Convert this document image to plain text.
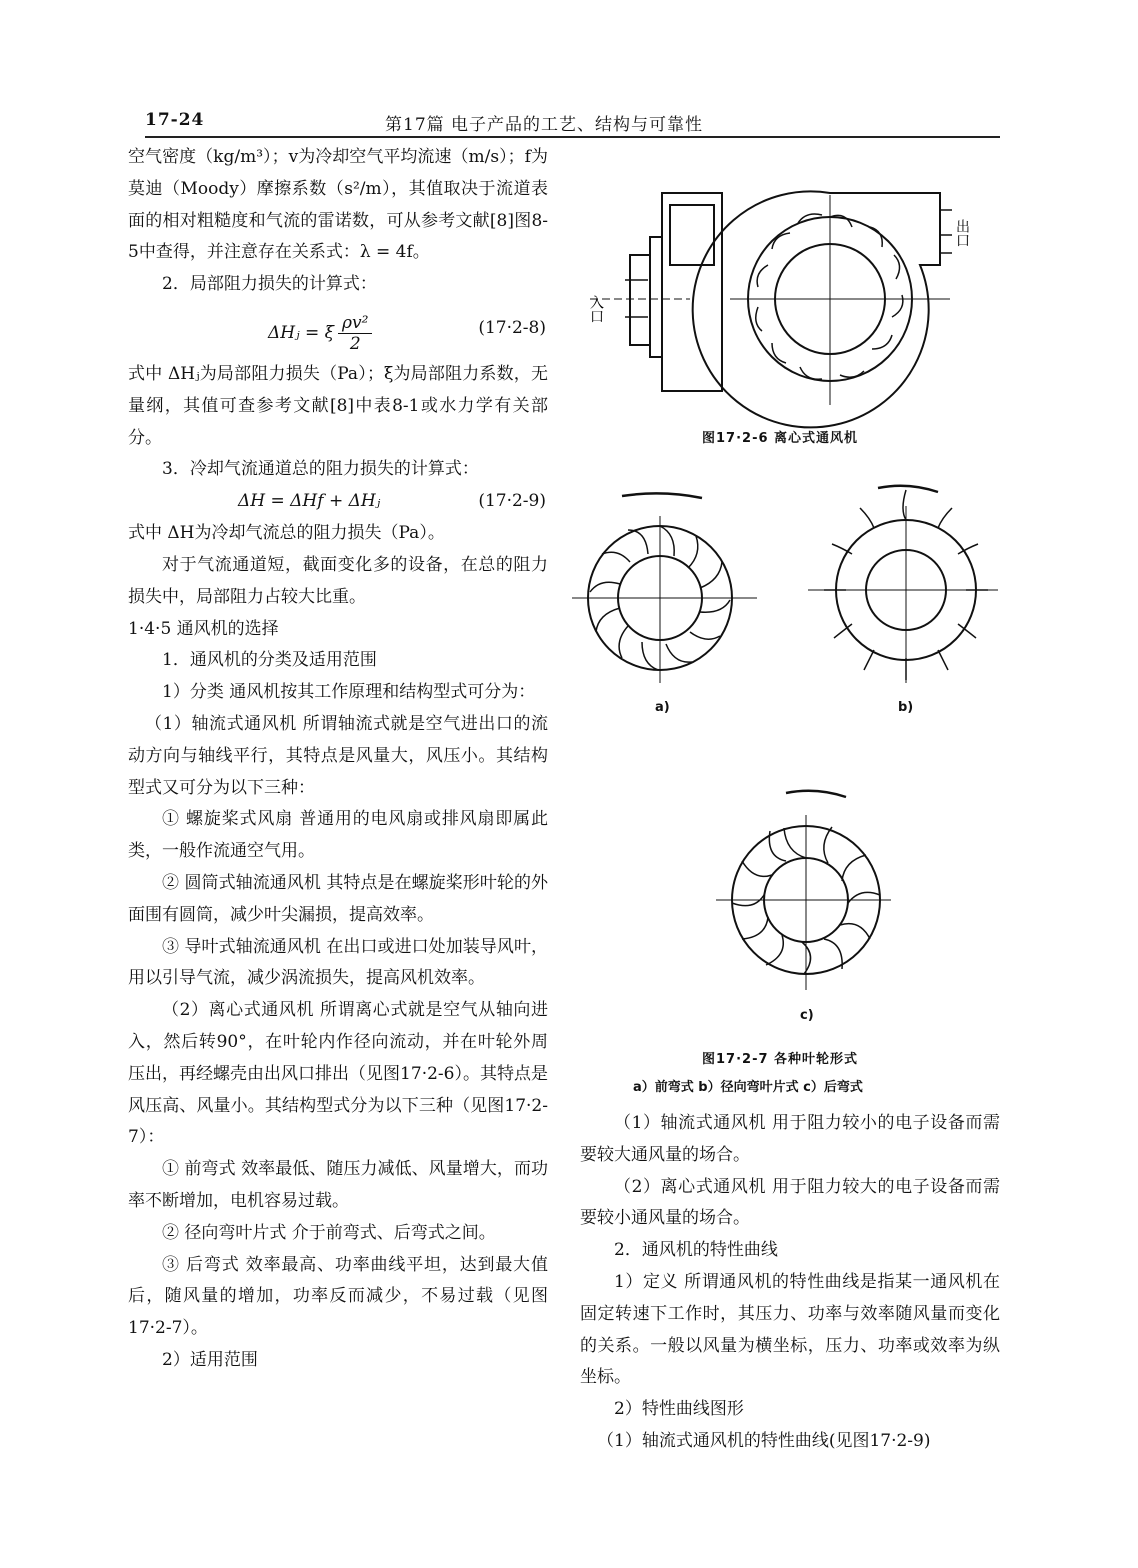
17-24	第17篇 电子产品的工艺、结构与可靠性

空气密度（kg/m³）；v为冷却空气平均流速（m/s）；f为莫迪（Moody）摩擦系数（s²/m），其值取决于流道表面的相对粗糙度和气流的雷诺数，可从参考文献[8]图8-5中查得，并注意存在关系式：λ = 4f。

2．局部阻力损失的计算式：

ΔHⱼ = ξ $\frac{\text{ρv²}}{2}$	(17·2-8)

式中 ΔHⱼ为局部阻力损失（Pa）；ξ为局部阻力系数，无量纲，其值可查参考文献[8]中表8-1或水力学有关部分。

3．冷却气流通道总的阻力损失的计算式：

ΔH = ΔHf + ΔHⱼ	(17·2-9)

式中 ΔH为冷却气流总的阻力损失（Pa）。

对于气流通道短，截面变化多的设备，在总的阻力损失中，局部阻力占较大比重。

1·4·5 通风机的选择

1．通风机的分类及适用范围

1）分类 通风机按其工作原理和结构型式可分为：

（1）轴流式通风机 所谓轴流式就是空气进出口的流动方向与轴线平行，其特点是风量大，风压小。其结构型式又可分为以下三种：

① 螺旋桨式风扇 普通用的电风扇或排风扇即属此类，一般作流通空气用。

② 圆筒式轴流通风机 其特点是在螺旋桨形叶轮的外面围有圆筒，减少叶尖漏损，提高效率。

③ 导叶式轴流通风机 在出口或进口处加装导风叶，用以引导气流，减少涡流损失，提高风机效率。

（2）离心式通风机 所谓离心式就是空气从轴向进入，然后转90°，在叶轮内作径向流动，并在叶轮外周压出，再经螺壳由出风口排出（见图17·2-6）。其特点是风压高、风量小。其结构型式分为以下三种（见图17·2-7）：

① 前弯式 效率最低、随压力减低、风量增大，而功率不断增加，电机容易过载。

② 径向弯叶片式 介于前弯式、后弯式之间。

③ 后弯式 效率最高、功率曲线平坦，达到最大值后，随风量的增加，功率反而减少，不易过载（见图17·2-7）。

2）适用范围

入口
出口
图17·2-6 离心式通风机
a)	b)
c)
图17·2-7 各种叶轮形式
a）前弯式 b）径向弯叶片式 c）后弯式

（1）轴流式通风机 用于阻力较小的电子设备而需要较大通风量的场合。

（2）离心式通风机 用于阻力较大的电子设备而需要较小通风量的场合。

2．通风机的特性曲线

1）定义 所谓通风机的特性曲线是指某一通风机在固定转速下工作时，其压力、功率与效率随风量而变化的关系。一般以风量为横坐标，压力、功率或效率为纵坐标。

2）特性曲线图形

（1）轴流式通风机的特性曲线(见图17·2-9)
